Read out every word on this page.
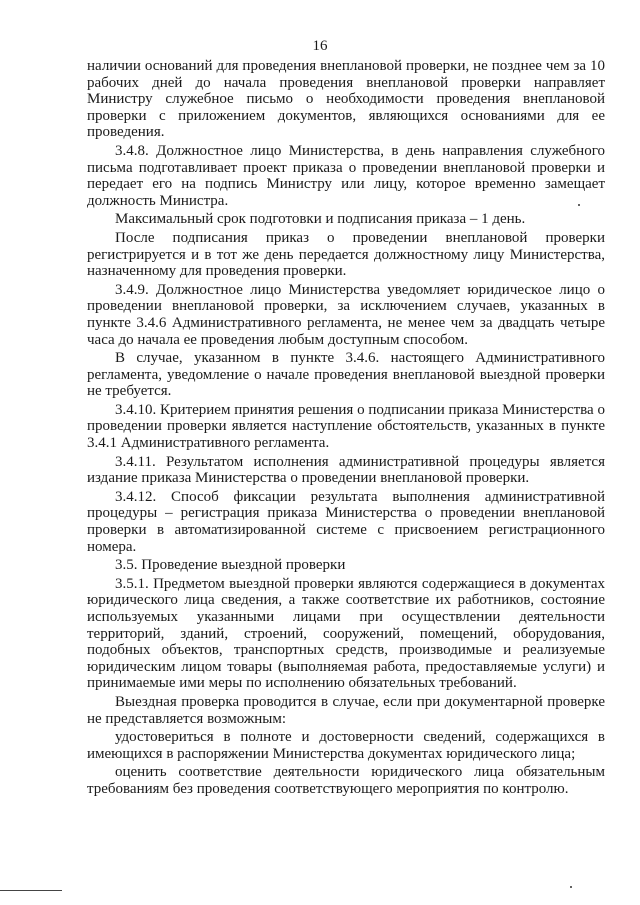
16

наличии оснований для проведения внеплановой проверки, не позднее чем за 10 рабочих дней до начала проведения внеплановой проверки направляет Министру служебное письмо о необходимости проведения внеплановой проверки с приложением документов, являющихся основаниями для ее проведения.

3.4.8. Должностное лицо Министерства, в день направления служебного письма подготавливает проект приказа о проведении внеплановой проверки и передает его на подпись Министру или лицу, которое временно замещает должность Министра.

Максимальный срок подготовки и подписания приказа – 1 день.

После подписания приказ о проведении внеплановой проверки регистрируется и в тот же день передается должностному лицу Министерства, назначенному для проведения проверки.

3.4.9. Должностное лицо Министерства уведомляет юридическое лицо о проведении внеплановой проверки, за исключением случаев, указанных в пункте 3.4.6 Административного регламента, не менее чем за двадцать четыре часа до начала ее проведения любым доступным способом.

В случае, указанном в пункте 3.4.6. настоящего Административного регламента, уведомление о начале проведения внеплановой выездной проверки не требуется.

3.4.10. Критерием принятия решения о подписании приказа Министерства о проведении проверки является наступление обстоятельств, указанных в пункте 3.4.1 Административного регламента.

3.4.11. Результатом исполнения административной процедуры является издание приказа Министерства о проведении внеплановой проверки.

3.4.12. Способ фиксации результата выполнения административной процедуры – регистрация приказа Министерства о проведении внеплановой проверки в автоматизированной системе с присвоением регистрационного номера.

3.5. Проведение выездной проверки

3.5.1. Предметом выездной проверки являются содержащиеся в документах юридического лица сведения, а также соответствие их работников, состояние используемых указанными лицами при осуществлении деятельности территорий, зданий, строений, сооружений, помещений, оборудования, подобных объектов, транспортных средств, производимые и реализуемые юридическим лицом товары (выполняемая работа, предоставляемые услуги) и принимаемые ими меры по исполнению обязательных требований.

Выездная проверка проводится в случае, если при документарной проверке не представляется возможным:

удостовериться в полноте и достоверности сведений, содержащихся в имеющихся в распоряжении Министерства документах юридического лица;

оценить соответствие деятельности юридического лица обязательным требованиям без проведения соответствующего мероприятия по контролю.
